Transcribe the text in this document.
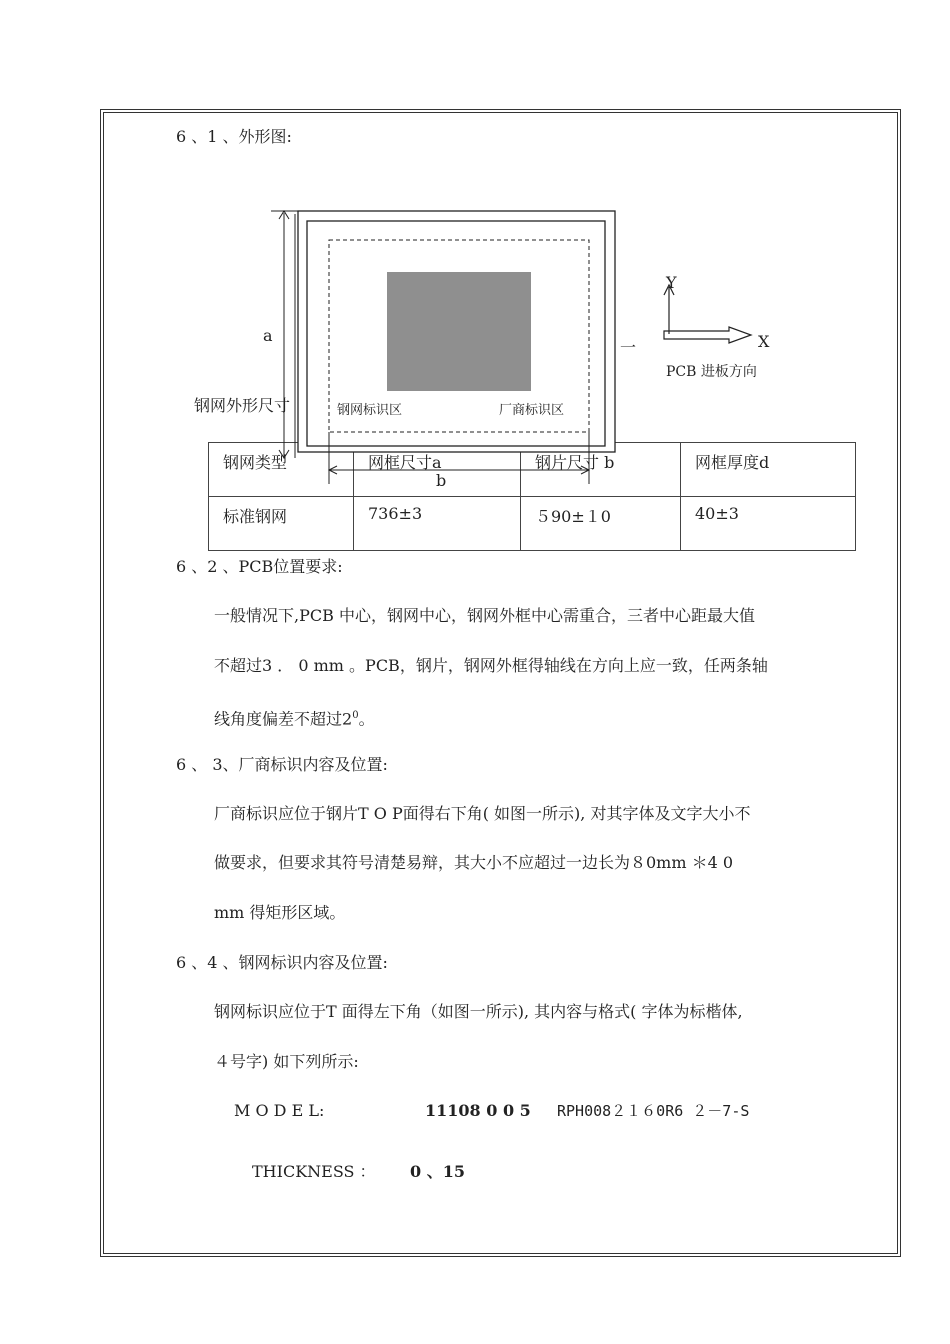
6 、1 、外形图:
钢网类型	网框尺寸a	钢片尺寸 b	网框厚度d
标准钢网	736±3	５90±１0	40±3
钢网外形尺寸
a
b
钢网标识区	厂商标识区
一
Y
X
PCB 进板方向
6 、2 、PCB位置要求:
一般情况下,PCB 中心，钢网中心，钢网外框中心需重合，三者中心距最大值
不超过3 ． 0 mm 。PCB，钢片，钢网外框得轴线在方向上应一致，任两条轴
线角度偏差不超过$2^0$。
6 、 3、厂商标识内容及位置:
厂商标识应位于钢片T O P面得右下角( 如图一所示), 对其字体及文字大小不
做要求，但要求其符号清楚易辩，其大小不应超过一边长为８0mm ＊4 0
mm 得矩形区域。
6 、4 、钢网标识内容及位置:
钢网标识应位于T 面得左下角（如图一所示), 其内容与格式( 字体为标楷体,
４号字) 如下列所示:
M O D E L:	11108 0 0 5 RPH008２１６0R6 ２－7-S
THICKNESS ： 0 、15
